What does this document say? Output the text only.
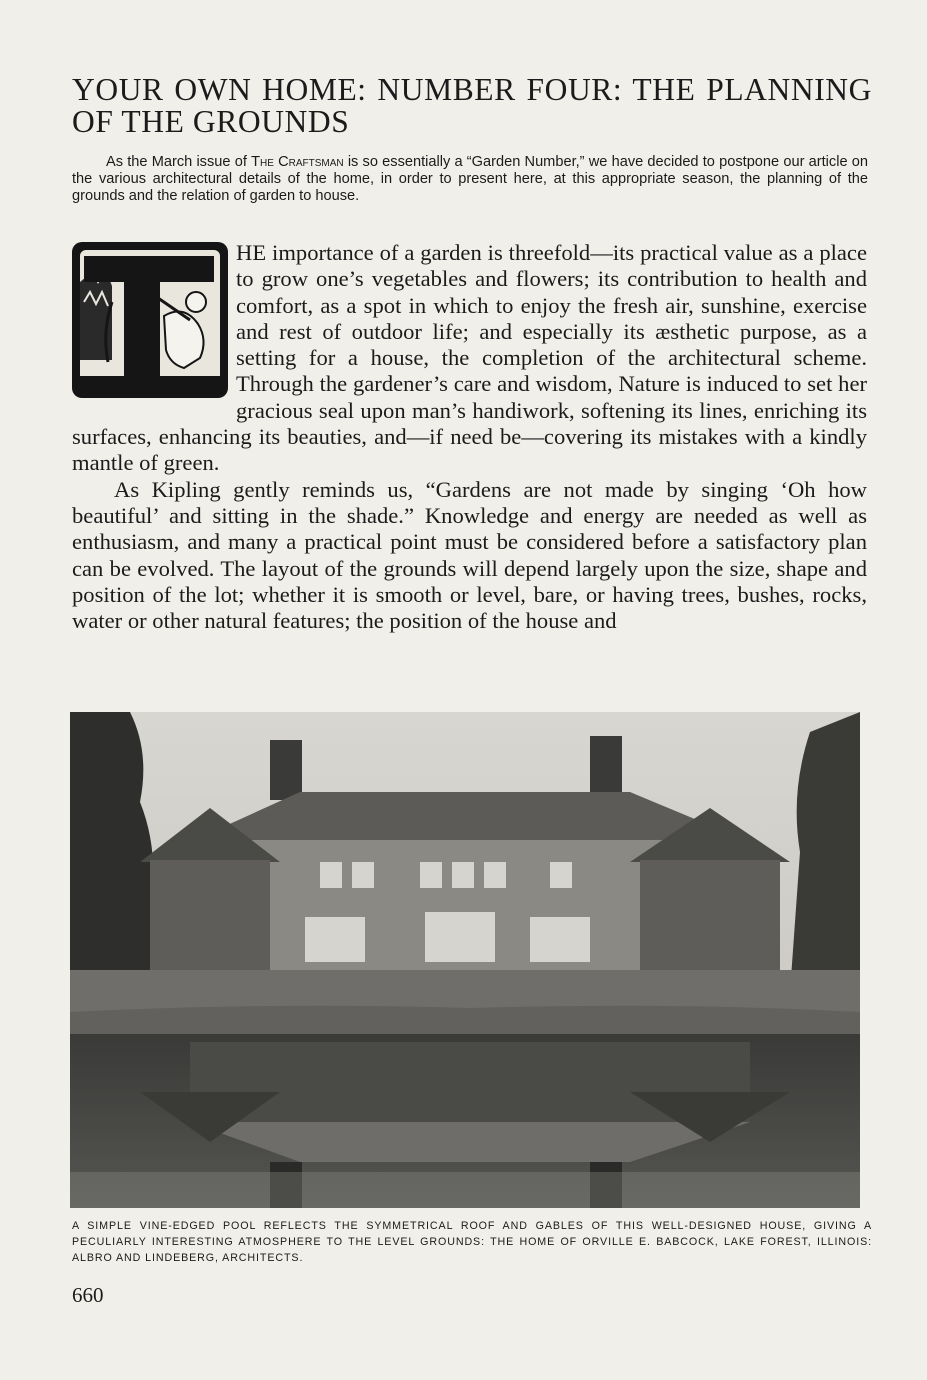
YOUR OWN HOME: NUMBER FOUR: THE PLANNING OF THE GROUNDS

As the March issue of The Craftsman is so essentially a “Garden Number,” we have decided to postpone our article on the various architectural details of the home, in order to present here, at this appropriate season, the planning of the grounds and the relation of garden to house.

HE importance of a garden is threefold—its practical value as a place to grow one’s vegetables and flowers; its contribution to health and comfort, as a spot in which to enjoy the fresh air, sunshine, exercise and rest of outdoor life; and especially its æsthetic purpose, as a setting for a house, the completion of the architectural scheme. Through the gardener’s care and wisdom, Nature is induced to set her gracious seal upon man’s handiwork, softening its lines, enriching its surfaces, enhancing its beauties, and—if need be—covering its mistakes with a kindly mantle of green.

As Kipling gently reminds us, “Gardens are not made by singing ‘Oh how beautiful’ and sitting in the shade.” Knowledge and energy are needed as well as enthusiasm, and many a practical point must be considered before a satisfactory plan can be evolved. The layout of the grounds will depend largely upon the size, shape and position of the lot; whether it is smooth or level, bare, or having trees, bushes, rocks, water or other natural features; the position of the house and

A SIMPLE VINE-EDGED POOL REFLECTS THE SYMMETRICAL ROOF AND GABLES OF THIS WELL-DESIGNED HOUSE, GIVING A PECULIARLY INTERESTING ATMOSPHERE TO THE LEVEL GROUNDS: THE HOME OF ORVILLE E. BABCOCK, LAKE FOREST, ILLINOIS: ALBRO AND LINDEBERG, ARCHITECTS.

660
